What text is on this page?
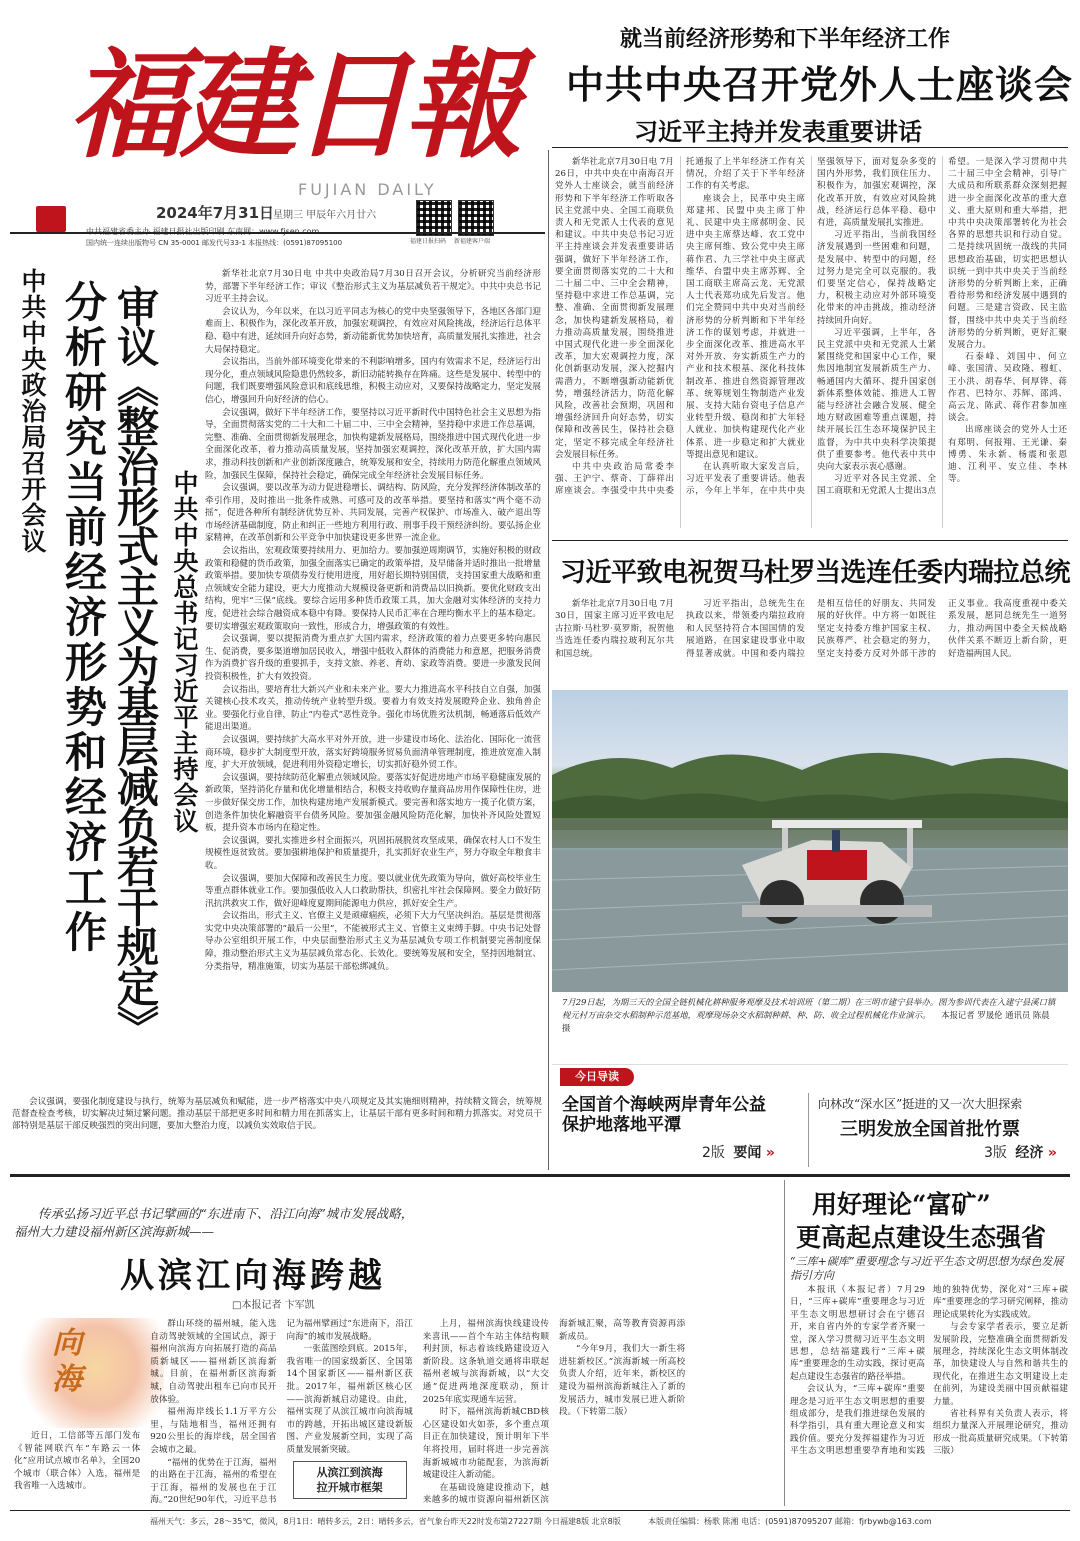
福建日報
FUJIAN DAILY
2024年7月31日
星期三 甲辰年六月廿六
国内统一连续出版物号 CN 35-0001 邮发代号33-1 本报热线：(0591)87095100	福建日报扫码 新福建客户端
就当前经济形势和下半年经济工作
中共中央召开党外人士座谈会
习近平主持并发表重要讲话

新华社北京7月30日电 7月26日，中共中央在中南海召开党外人士座谈会，就当前经济形势和下半年经济工作听取各民主党派中央、全国工商联负责人和无党派人士代表的意见和建议。中共中央总书记习近平主持座谈会并发表重要讲话强调，做好下半年经济工作，要全面贯彻落实党的二十大和二十届二中、三中全会精神，坚持稳中求进工作总基调，完整、准确、全面贯彻新发展理念，加快构建新发展格局，着力推动高质量发展，围绕推进中国式现代化进一步全面深化改革，加大宏观调控力度，深化创新驱动发展，深入挖掘内需潜力，不断增强新动能新优势，增强经济活力，防范化解风险，改善社会预期，巩固和增强经济回升向好态势，切实保障和改善民生，保持社会稳定，坚定不移完成全年经济社会发展目标任务。

中共中央政治局常委李强、王沪宁、蔡奇、丁薛祥出席座谈会。李强受中共中央委托通报了上半年经济工作有关情况，介绍了关于下半年经济工作的有关考虑。

座谈会上，民革中央主席郑建邦、民盟中央主席丁仲礼、民建中央主席郝明金、民进中央主席蔡达峰、农工党中央主席何维、致公党中央主席蒋作君、九三学社中央主席武维华、台盟中央主席苏辉、全国工商联主席高云龙、无党派人士代表郑功成先后发言。他们完全赞同中共中央对当前经济形势的分析判断和下半年经济工作的谋划考虑，并就进一步全面深化改革、推进高水平对外开放、夯实新质生产力的产业和技术根基、深化科技体制改革、推进自然资源管理改革、统筹规划生物制造产业发展、支持大陆台资电子信息产业转型升级、稳岗和扩大年轻人就业、加快构建现代化产业体系、进一步稳定和扩大就业等提出意见和建议。

在认真听取大家发言后，习近平发表了重要讲话。他表示，今年上半年，在中共中央坚强领导下，面对复杂多变的国内外形势，我们顶住压力、积极作为，加强宏观调控，深化改革开放，有效应对风险挑战，经济运行总体平稳、稳中有进，高质量发展扎实推进。

习近平指出，当前我国经济发展遇到一些困难和问题，是发展中、转型中的问题，经过努力是完全可以克服的。我们要坚定信心，保持战略定力，积极主动应对外部环境变化带来的冲击挑战，推动经济持续回升向好。

习近平强调，上半年，各民主党派中央和无党派人士紧紧围绕党和国家中心工作，聚焦因地制宜发展新质生产力、畅通国内大循环、提升国家创新体系整体效能、推进人工智能与经济社会融合发展、健全地方财政困难等重点课题，持续开展长江生态环境保护民主监督，为中共中央科学决策提供了重要参考。他代表中共中央向大家表示衷心感谢。

习近平对各民主党派、全国工商联和无党派人士提出3点希望。一是深入学习贯彻中共二十届三中全会精神，引导广大成员和所联系群众深刻把握进一步全面深化改革的重大意义、重大原则和重大举措，把中共中央决策部署转化为社会各界的思想共识和行动自觉。二是持续巩固统一战线的共同思想政治基础，切实把思想认识统一到中共中央关于当前经济形势的分析判断上来，正确看待形势和经济发展中遇到的问题。三是建言资政、民主监督，围绕中共中央关于当前经济形势的分析判断，更好汇聚发展合力。

石泰峰、刘国中、何立峰、张国清、吴政隆、穆虹、王小洪、胡春华、何厚铧、蒋作君、巴特尔、苏辉、邵鸿、高云龙、陈武、蒋作君参加座谈会。

出席座谈会的党外人士还有郑明、何报翔、王光谦、秦博勇、朱永新、杨震和张恩迪、江利平、安立佳、李林等。

中共中央政治局召开会议 分析研究当前经济形势和经济工作 审议《整治形式主义为基层减负若干规定》 中共中央总书记习近平主持会议

新华社北京7月30日电 中共中央政治局7月30日召开会议，分析研究当前经济形势，部署下半年经济工作；审议《整治形式主义为基层减负若干规定》。中共中央总书记习近平主持会议。

会议认为，今年以来，在以习近平同志为核心的党中央坚强领导下，各地区各部门迎难而上、积极作为，深化改革开放，加强宏观调控，有效应对风险挑战，经济运行总体平稳、稳中有进，延续回升向好态势，新动能新优势加快培育，高质量发展扎实推进，社会大局保持稳定。

会议指出，当前外部环境变化带来的不利影响增多，国内有效需求不足，经济运行出现分化，重点领域风险隐患仍然较多，新旧动能转换存在阵痛。这些是发展中、转型中的问题，我们既要增强风险意识和底线思维，积极主动应对，又要保持战略定力，坚定发展信心，增强回升向好经济的信心。

会议强调，做好下半年经济工作，要坚持以习近平新时代中国特色社会主义思想为指导，全面贯彻落实党的二十大和二十届二中、三中全会精神，坚持稳中求进工作总基调，完整、准确、全面贯彻新发展理念，加快构建新发展格局，围绕推进中国式现代化进一步全面深化改革，着力推动高质量发展，坚持加强宏观调控，深化改革开放，扩大国内需求，推动科技创新和产业创新深度融合，统筹发展和安全，持续用力防范化解重点领域风险，加强民生保障，保持社会稳定，确保完成全年经济社会发展目标任务。

会议强调，要以改革为动力促进稳增长、调结构、防风险，充分发挥经济体制改革的牵引作用，及时推出一批条件成熟、可感可及的改革举措。要坚持和落实“两个毫不动摇”，促进各种所有制经济优势互补、共同发展，完善产权保护、市场准入、破产退出等市场经济基础制度，防止和纠正一些地方利用行政、刑事手段干预经济纠纷。要弘扬企业家精神，在改革创新和公平竞争中加快建设更多世界一流企业。

会议指出，宏观政策要持续用力、更加给力。要加强逆周期调节，实施好积极的财政政策和稳健的货币政策，加强全面落实已确定的政策举措，及早储备并适时推出一批增量政策举措。要加快专项债券发行使用进度，用好超长期特别国债，支持国家重大战略和重点领域安全能力建设，更大力度推动大规模设备更新和消费品以旧换新。要优化财政支出结构，兜牢“三保”底线。要综合运用多种货币政策工具，加大金融对实体经济的支持力度，促进社会综合融资成本稳中有降。要保持人民币汇率在合理均衡水平上的基本稳定。要切实增强宏观政策取向一致性，形成合力，增强政策的有效性。

会议强调，要以提振消费为重点扩大国内需求，经济政策的着力点要更多转向惠民生、促消费，要多渠道增加居民收入，增强中低收入群体的消费能力和意愿，把服务消费作为消费扩容升级的重要抓手，支持文旅、养老、育幼、家政等消费。要进一步激发民间投资积极性，扩大有效投资。

会议指出，要培育壮大新兴产业和未来产业。要大力推进高水平科技自立自强，加强关键核心技术攻关，推动传统产业转型升级。要着力有效支持发展瞪羚企业、独角兽企业。要强化行业自律，防止“内卷式”恶性竞争。强化市场优胜劣汰机制，畅通落后低效产能退出渠道。

会议强调，要持续扩大高水平对外开放，进一步建设市场化、法治化、国际化一流营商环境，稳步扩大制度型开放，落实好跨境服务贸易负面清单管理制度，推进放宽准入制度，扩大开放领域，促进利用外资稳定增长，切实抓好稳外贸工作。

会议强调，要持续防范化解重点领域风险。要落实好促进房地产市场平稳健康发展的新政策，坚持消化存量和优化增量相结合，积极支持收购存量商品房用作保障性住房，进一步做好保交房工作，加快构建房地产发展新模式。要完善和落实地方一揽子化债方案，创造条件加快化解融资平台债务风险。要加强金融风险防范化解，加快补齐风险处置短板，提升资本市场内在稳定性。

会议强调，要扎实推进乡村全面振兴，巩固拓展脱贫攻坚成果，确保农村人口不发生规模性返贫致贫。要加强耕地保护和质量提升，扎实抓好农业生产，努力夺取全年粮食丰收。

会议强调，要加大保障和改善民生力度。要以就业优先政策为导向，做好高校毕业生等重点群体就业工作。要加强低收入人口救助帮扶，织密扎牢社会保障网。要全力做好防汛抗洪救灾工作，做好迎峰度夏期间能源电力供应，抓好安全生产。

会议指出，形式主义、官僚主义是顽瘴痼疾，必须下大力气坚决纠治。基层是贯彻落实党中央决策部署的“最后一公里”，不能被形式主义、官僚主义束缚手脚。中央书记处督导办公室组织开展工作，中央层面整治形式主义为基层减负专项工作机制要完善制度保障，推动整治形式主义为基层减负常态化、长效化。要统筹发展和安全，坚持因地制宜、分类指导，精准施策，切实为基层干部松绑减负。

会议强调，要强化制度建设与执行，统筹为基层减负和赋能，进一步严格落实中央八项规定及其实施细则精神，持续精文简会，统筹规范督查检查考核，切实解决过频过繁问题。推动基层干部把更多时间和精力用在抓落实上，让基层干部有更多时间和精力抓落实。对党员干部特别是基层干部反映强烈的突出问题，要加大整治力度，以减负实效取信于民。

习近平致电祝贺马杜罗当选连任委内瑞拉总统

新华社北京7月30日电 7月30日，国家主席习近平致电尼古拉斯·马杜罗·莫罗斯，祝贺他当选连任委内瑞拉玻利瓦尔共和国总统。

习近平指出，总统先生在执政以来，带领委内瑞拉政府和人民坚持符合本国国情的发展道路，在国家建设事业中取得显著成就。中国和委内瑞拉是相互信任的好朋友、共同发展的好伙伴。中方将一如既往坚定支持委方维护国家主权、民族尊严、社会稳定的努力，坚定支持委方反对外部干涉的正义事业。我高度重视中委关系发展，愿同总统先生一道努力，推动两国中委全天候战略伙伴关系不断迈上新台阶，更好造福两国人民。

7月29日起，为期三天的全国全链机械化耕种服务观摩及技术培训班（第二期）在三明市建宁县举办。图为参训代表在入建宁县溪口镇枧元村万亩杂交水稻制种示范基地，观摩现场杂交水稻制种耕、种、防、收全过程机械化作业演示。 本报记者 罗晟伦 通讯员 陈晨 摄
今日导读
全国首个海峡两岸青年公益保护地落地平潭
2版 要闻 »
向林改“深水区”挺进的又一次大胆探索
三明发放全国首批竹票
3版 经济 »
传承弘扬习近平总书记擘画的“东进南下、沿江向海”城市发展战略，福州大力建设福州新区滨海新城——
从滨江向海跨越
□本报记者 卞军凯
向海

近日，工信部等五部门发布《智能网联汽车“车路云一体化”应用试点城市名单》，全国20个城市（联合体）入选，福州是我省唯一入选城市。

群山环绕的福州城，能入选自动驾驶领域的全国试点，源于福州向滨海方向拓展打造的高品质新城区——福州新区滨海新城。目前，在福州新区滨海新城，自动驾驶出租车已向市民开放体验。

福州海岸线长1.1万平方公里，与陆地相当，福州还拥有920公里长的海岸线，居全国省会城市之最。

“福州的优势在于江海，福州的出路在于江海，福州的希望在于江海，福州的发展也在于江海。”20世纪90年代，习近平总书记为福州擘画过“东进南下，沿江向海”的城市发展战略。

一张蓝图绘到底。2015年，我省唯一的国家级新区、全国第14个国家新区——福州新区获批。2017年，福州新区核心区——滨海新城启动建设。由此，福州实现了从滨江城市向滨海城市的跨越，开拓出城区建设新版图、产业发展新空间，实现了高质量发展新突破。

从滨江到滨海
拉开城市框架

上月，福州滨海快线建设传来喜讯——首个车站主体结构顺利封顶，标志着该线路建设迈入新阶段。这条轨道交通将串联起福州老城与滨海新城，以“大交通”促进两地深度联动，预计2025年底实现通车运营。

时下，福州滨海新城CBD核心区建设如火如荼，多个重点项目正在加快建设，预计明年下半年将投用，届时将进一步完善滨海新城城市功能配套，为滨海新城建设注入新动能。

在基础设施建设推动下，越来越多的城市资源向福州新区滨海新城汇聚，高等教育资源再添新成员。

“今年9月，我们大一新生将进驻新校区。”滨海新城一所高校负责人介绍，近年来，新校区的建设为福州滨海新城注入了新的发展活力，城市发展已进入新阶段。（下转第二版）

用好理论“富矿”
更高起点建设生态强省
“三库+碳库”重要理念与习近平生态文明思想为绿色发展指引方向

本报讯（本报记者）7月29日，“三库+碳库”重要理念与习近平生态文明思想研讨会在宁德召开，来自省内外的专家学者齐聚一堂，深入学习贯彻习近平生态文明思想，总结福建践行“三库+碳库”重要理念的生动实践，探讨更高起点建设生态强省的路径举措。

会议认为，“三库+碳库”重要理念是习近平生态文明思想的重要组成部分，是我们推进绿色发展的科学指引，具有重大理论意义和实践价值。要充分发挥福建作为习近平生态文明思想重要孕育地和实践地的独特优势，深化对“三库+碳库”重要理念的学习研究阐释，推动理论成果转化为实践成效。

与会专家学者表示，要立足新发展阶段，完整准确全面贯彻新发展理念，持续深化生态文明体制改革，加快建设人与自然和谐共生的现代化，在推进生态文明建设上走在前列，为建设美丽中国贡献福建力量。

省社科界有关负责人表示，将组织力量深入开展理论研究，推动形成一批高质量研究成果。（下转第三版）

福州天气：多云，28～35℃，微风，8月1日：晴转多云，2日：晴转多云，省气象台昨天22时发布 第27227期 今日福建8版 北京8版	本版责任编辑：杨歌 陈湘 电话：(0591)87095207 邮箱：fjrbywb@163.com
